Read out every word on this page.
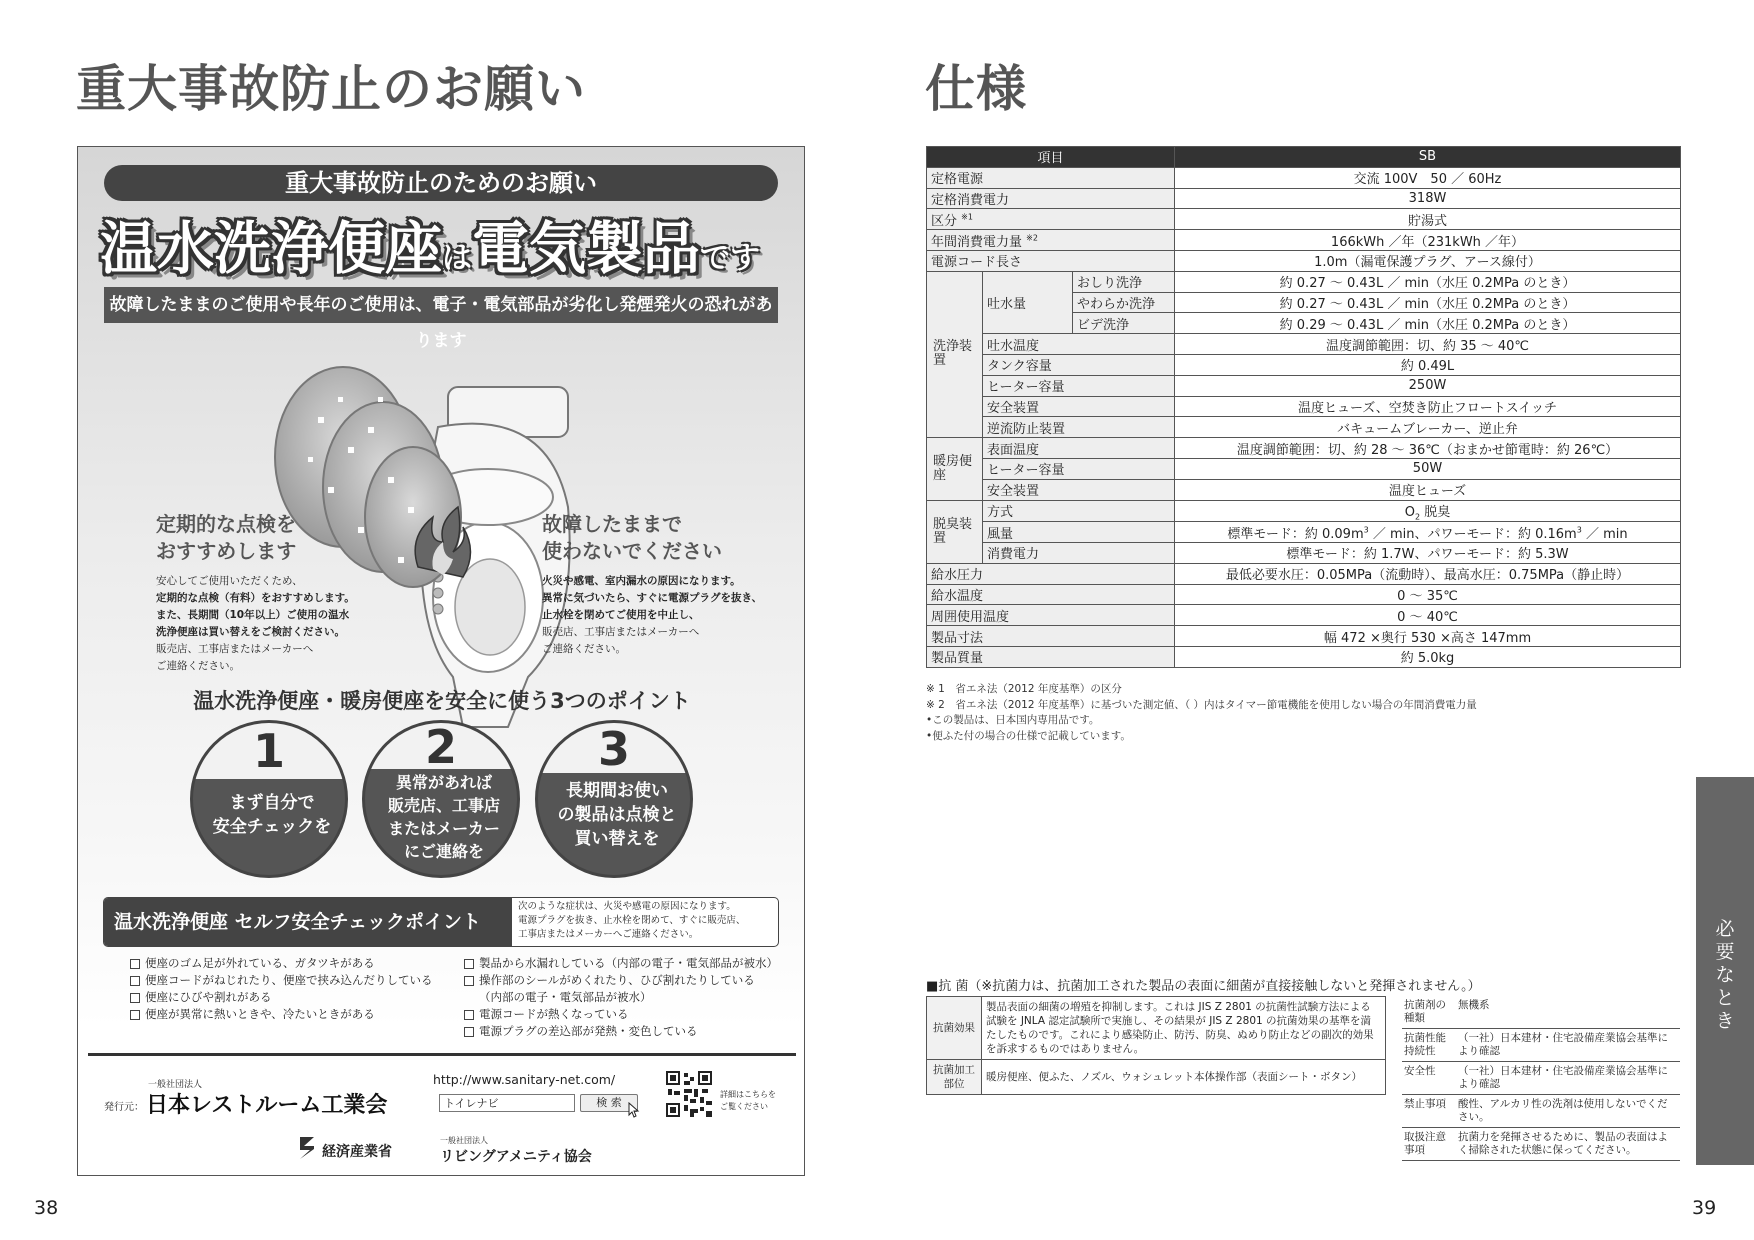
重大事故防止のお願い
重大事故防止のためのお願い
温水洗浄便座は電気製品です
故障したままのご使用や長年のご使用は、電子・電気部品が劣化し発煙発火の恐れがあります
定期的な点検を
おすすめします
安心してご使用いただくため、
定期的な点検（有料）をおすすめします。
また、長期間（10年以上）ご使用の温水
洗浄便座は買い替えをご検討ください。
販売店、工事店またはメーカーへ
ご連絡ください。
故障したままで
使わないでください
火災や感電、室内漏水の原因になります。
異常に気づいたら、すぐに電源プラグを抜き、
止水栓を閉めてご使用を中止し、
販売店、工事店またはメーカーへ
ご連絡ください。
温水洗浄便座・暖房便座を安全に使う3つのポイント
1
まず自分で
安全チェックを
2
異常があれば
販売店、工事店
またはメーカー
にご連絡を
3
長期間お使い
の製品は点検と
買い替えを
温水洗浄便座 セルフ安全チェックポイント
次のような症状は、火災や感電の原因になります。
電源プラグを抜き、止水栓を閉めて、すぐに販売店、
工事店またはメーカーへご連絡ください。
便座のゴム足が外れている、ガタツキがある
便座コードがねじれたり、便座で挟み込んだりしている
便座にひびや割れがある
便座が異常に熱いときや、冷たいときがある
製品から水漏れしている（内部の電子・電気部品が被水）
操作部のシールがめくれたり、ひび割れたりしている
（内部の電子・電気部品が被水）
電源コードが熱くなっている
電源プラグの差込部が発熱・変色している
一般社団法人
発行元： 日本レストルーム工業会
http://www.sanitary-net.com/
トイレナビ
検 索
詳細はこちらを
ご覧ください
経済産業省
一般社団法人
リビングアメニティ協会
38
仕様
項目			SB
定格電源			交流 100V　50 ／ 60Hz
定格消費電力			318W
区分 $^{※1}$			貯湯式
年間消費電力量 $^{※2}$			166kWh ／年（231kWh ／年）
電源コード長さ			1.0m（漏電保護プラグ、アース線付）
洗浄装置	吐水量	おしり洗浄	約 0.27 ～ 0.43L ／ min（水圧 0.2MPa のとき）
		やわらか洗浄	約 0.27 ～ 0.43L ／ min（水圧 0.2MPa のとき）
		ビデ洗浄	約 0.29 ～ 0.43L ／ min（水圧 0.2MPa のとき）
	吐水温度		温度調節範囲：切、約 35 ～ 40℃
	タンク容量		約 0.49L
	ヒーター容量		250W
	安全装置		温度ヒューズ、空焚き防止フロートスイッチ
	逆流防止装置		バキュームブレーカー、逆止弁
暖房便座	表面温度		温度調節範囲：切、約 28 ～ 36℃（おまかせ節電時：約 26℃）
	ヒーター容量		50W
	安全装置		温度ヒューズ
脱臭装置	方式		$O_2$ 脱臭
	風量		標準モード：約 $0.09m^3$ ／ min、パワーモード：約 $0.16m^3$ ／ min
	消費電力		標準モード：約 1.7W、パワーモード：約 5.3W
給水圧力			最低必要水圧：0.05MPa（流動時）、最高水圧：0.75MPa（静止時）
給水温度			0 ～ 35℃
周囲使用温度			0 ～ 40℃
製品寸法			幅 472 ×奥行 530 ×高さ 147mm
製品質量			約 5.0kg
※ 1　省エネ法（2012 年度基準）の区分
※ 2　省エネ法（2012 年度基準）に基づいた測定値、（ ）内はタイマー節電機能を使用しない場合の年間消費電力量
•この製品は、日本国内専用品です。
•便ふた付の場合の仕様で記載しています。
必要なとき
■抗 菌（※抗菌力は、抗菌加工された製品の表面に細菌が直接接触しないと発揮されません。）
抗菌効果	製品表面の細菌の増殖を抑制します。これは JIS Z 2801 の抗菌性試験方法による試験を JNLA 認定試験所で実施し、その結果が JIS Z 2801 の抗菌効果の基準を満たしたものです。これにより感染防止、防汚、防臭、ぬめり防止などの副次的効果を訴求するものではありません。
抗菌加工部位	暖房便座、便ふた、ノズル、ウォシュレット本体操作部（表面シート・ボタン）
抗菌剤の種類	無機系
抗菌性能持続性	（一社）日本建材・住宅設備産業協会基準により確認
安全性	（一社）日本建材・住宅設備産業協会基準により確認
禁止事項	酸性、アルカリ性の洗剤は使用しないでください。
取扱注意事項	抗菌力を発揮させるために、製品の表面はよく掃除された状態に保ってください。
39
